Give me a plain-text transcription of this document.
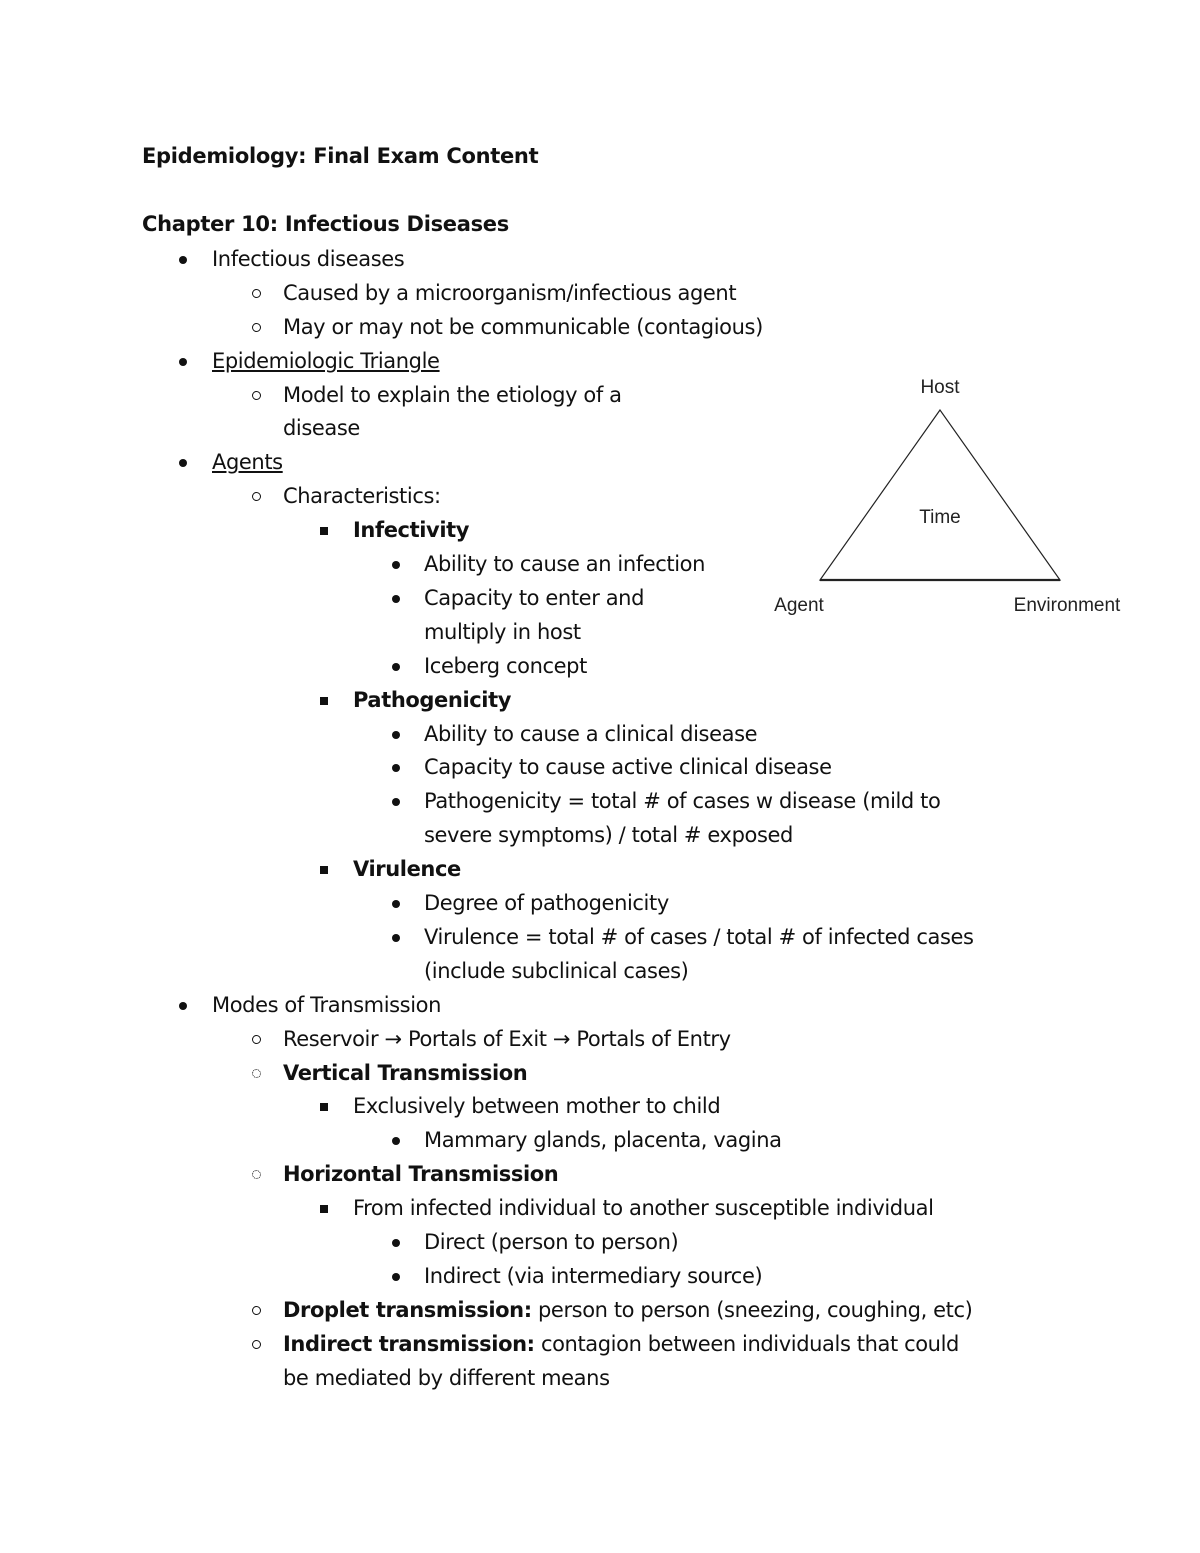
Epidemiology: Final Exam Content
Chapter 10: Infectious Diseases
Infectious diseases
Caused by a microorganism/infectious agent
May or may not be communicable (contagious)
Epidemiologic Triangle
Model to explain the etiology of a
disease
Agents
Characteristics:
Infectivity
Ability to cause an infection
Capacity to enter and
multiply in host
Iceberg concept
Pathogenicity
Ability to cause a clinical disease
Capacity to cause active clinical disease
Pathogenicity = total # of cases w disease (mild to
severe symptoms) / total # exposed
Virulence
Degree of pathogenicity
Virulence = total # of cases / total # of infected cases
(include subclinical cases)
Modes of Transmission
Reservoir → Portals of Exit → Portals of Entry
Vertical Transmission
Exclusively between mother to child
Mammary glands, placenta, vagina
Horizontal Transmission
From infected individual to another susceptible individual
Direct (person to person)
Indirect (via intermediary source)
Droplet transmission: person to person (sneezing, coughing, etc)
Indirect transmission: contagion between individuals that could
be mediated by different means
Host
Time
Agent	Environment
